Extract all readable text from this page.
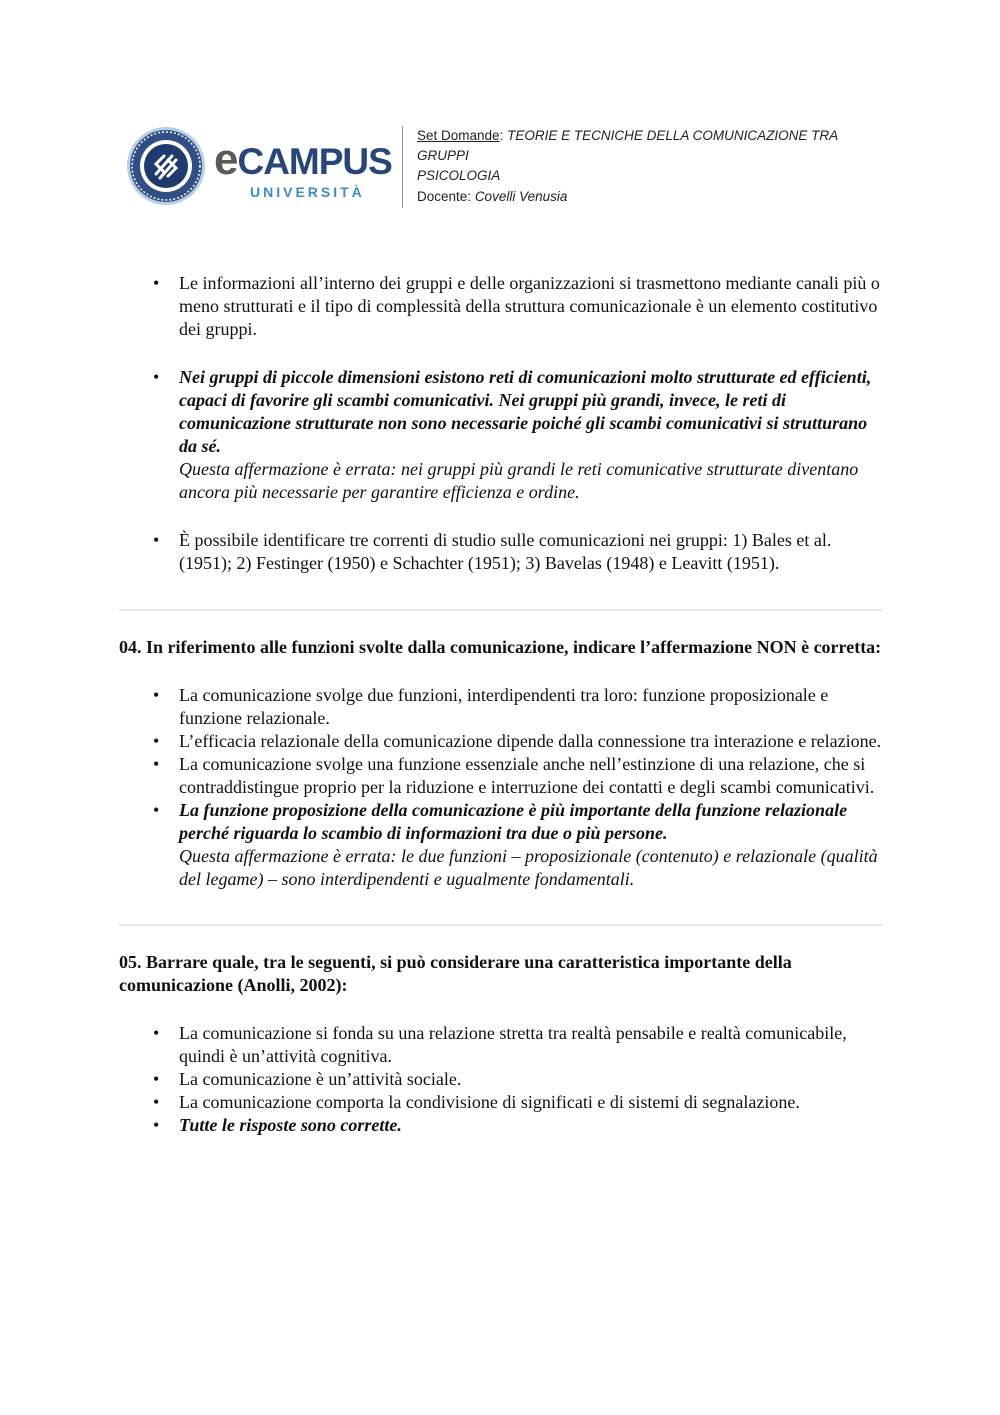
eCAMPUS
UNIVERSITÀ
Set Domande: TEORIE E TECNICHE DELLA COMUNICAZIONE TRA GRUPPI
PSICOLOGIA
Docente: Covelli Venusia
• Le informazioni all’interno dei gruppi e delle organizzazioni si trasmettono mediante canali più o meno strutturati e il tipo di complessità della struttura comunicazionale è un elemento costitutivo dei gruppi.
• Nei gruppi di piccole dimensioni esistono reti di comunicazioni molto strutturate ed efficienti, capaci di favorire gli scambi comunicativi. Nei gruppi più grandi, invece, le reti di comunicazione strutturate non sono necessarie poiché gli scambi comunicativi si strutturano da sé.
Questa affermazione è errata: nei gruppi più grandi le reti comunicative strutturate diventano ancora più necessarie per garantire efficienza e ordine.
• È possibile identificare tre correnti di studio sulle comunicazioni nei gruppi: 1) Bales et al. (1951); 2) Festinger (1950) e Schachter (1951); 3) Bavelas (1948) e Leavitt (1951).
04. In riferimento alle funzioni svolte dalla comunicazione, indicare l’affermazione NON è corretta:
• La comunicazione svolge due funzioni, interdipendenti tra loro: funzione proposizionale e funzione relazionale.
• L’efficacia relazionale della comunicazione dipende dalla connessione tra interazione e relazione.
• La comunicazione svolge una funzione essenziale anche nell’estinzione di una relazione, che si contraddistingue proprio per la riduzione e interruzione dei contatti e degli scambi comunicativi.
• La funzione proposizione della comunicazione è più importante della funzione relazionale perché riguarda lo scambio di informazioni tra due o più persone.
Questa affermazione è errata: le due funzioni – proposizionale (contenuto) e relazionale (qualità del legame) – sono interdipendenti e ugualmente fondamentali.
05. Barrare quale, tra le seguenti, si può considerare una caratteristica importante della comunicazione (Anolli, 2002):
• La comunicazione si fonda su una relazione stretta tra realtà pensabile e realtà comunicabile, quindi è un’attività cognitiva.
• La comunicazione è un’attività sociale.
• La comunicazione comporta la condivisione di significati e di sistemi di segnalazione.
• Tutte le risposte sono corrette.
